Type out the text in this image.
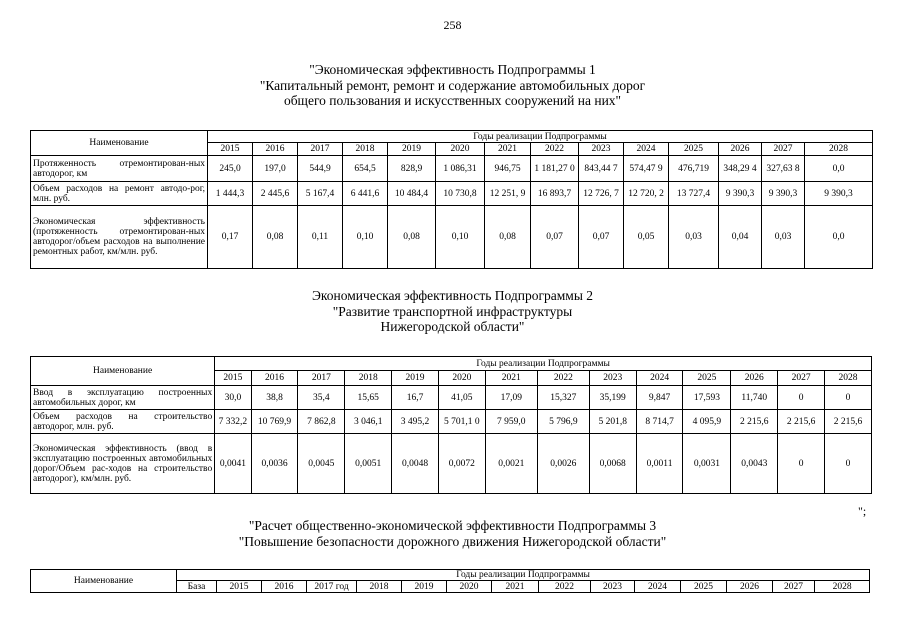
258
"Экономическая эффективность Подпрограммы 1
"Капитальный ремонт, ремонт и содержание автомобильных дорог
общего пользования и искусственных сооружений на них"
Наименование	Годы реализации Подпрограммы													
	2015	2016	2017	2018	2019	2020	2021	2022	2023	2024	2025	2026	2027	2028
Протяженность отремонтирован-ных автодорог, км	245,0	197,0	544,9	654,5	828,9	1 086,31	946,75	1 181,27 0	843,44 7	574,47 9	476,719	348,29 4	327,63 8	0,0
Объем расходов на ремонт автодо-рог, млн. руб.	1 444,3	2 445,6	5 167,4	6 441,6	10 484,4	10 730,8	12 251, 9	16 893,7	12 726, 7	12 720, 2	13 727,4	9 390,3	9 390,3	9 390,3
Экономическая эффективность (протяженность отремонтирован-ных автодорог/объем расходов на выполнение ремонтных работ, км/млн. руб.	0,17	0,08	0,11	0,10	0,08	0,10	0,08	0,07	0,07	0,05	0,03	0,04	0,03	0,0
Экономическая эффективность Подпрограммы 2
"Развитие транспортной инфраструктуры
Нижегородской области"
Наименование	Годы реализации Подпрограммы													
	2015	2016	2017	2018	2019	2020	2021	2022	2023	2024	2025	2026	2027	2028
Ввод в эксплуатацию построенных автомобильных дорог, км	30,0	38,8	35,4	15,65	16,7	41,05	17,09	15,327	35,199	9,847	17,593	11,740	0	0
Объем расходов на строительство автодорог, млн. руб.	7 332,2	10 769,9	7 862,8	3 046,1	3 495,2	5 701,1 0	7 959,0	5 796,9	5 201,8	8 714,7	4 095,9	2 215,6	2 215,6	2 215,6
Экономическая эффективность (ввод в эксплуатацию построенных автомобильных дорог/Объем рас-ходов на строительство автодорог), км/млн. руб.	0,0041	0,0036	0,0045	0,0051	0,0048	0,0072	0,0021	0,0026	0,0068	0,0011	0,0031	0,0043	0	0
";
"Расчет общественно-экономической эффективности Подпрограммы 3
"Повышение безопасности дорожного движения Нижегородской области"
Наименование	Годы реализации Подпрограммы														
	База	2015	2016	2017 год	2018	2019	2020	2021	2022	2023	2024	2025	2026	2027	2028
